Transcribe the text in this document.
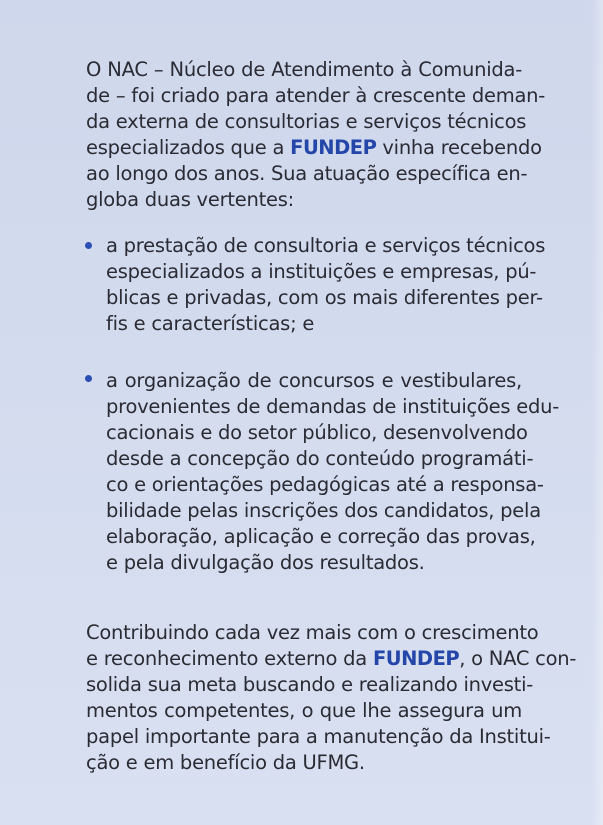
O NAC – Núcleo de Atendimento à Comunida-
de – foi criado para atender à crescente deman-
da externa de consultorias e serviços técnicos
especializados que a FUNDEP vinha recebendo
ao longo dos anos. Sua atuação específica en-
globa duas vertentes:
a prestação de consultoria e serviços técnicos
especializados a instituições e empresas, pú-
blicas e privadas, com os mais diferentes per-
fis e características; e
a organização de concursos e vestibulares,
provenientes de demandas de instituições edu-
cacionais e do setor público, desenvolvendo
desde a concepção do conteúdo programáti-
co e orientações pedagógicas até a responsa-
bilidade pelas inscrições dos candidatos, pela
elaboração, aplicação e correção das provas,
e pela divulgação dos resultados.
Contribuindo cada vez mais com o crescimento
e reconhecimento externo da FUNDEP, o NAC con-
solida sua meta buscando e realizando investi-
mentos competentes, o que lhe assegura um
papel importante para a manutenção da Institui-
ção e em benefício da UFMG.
